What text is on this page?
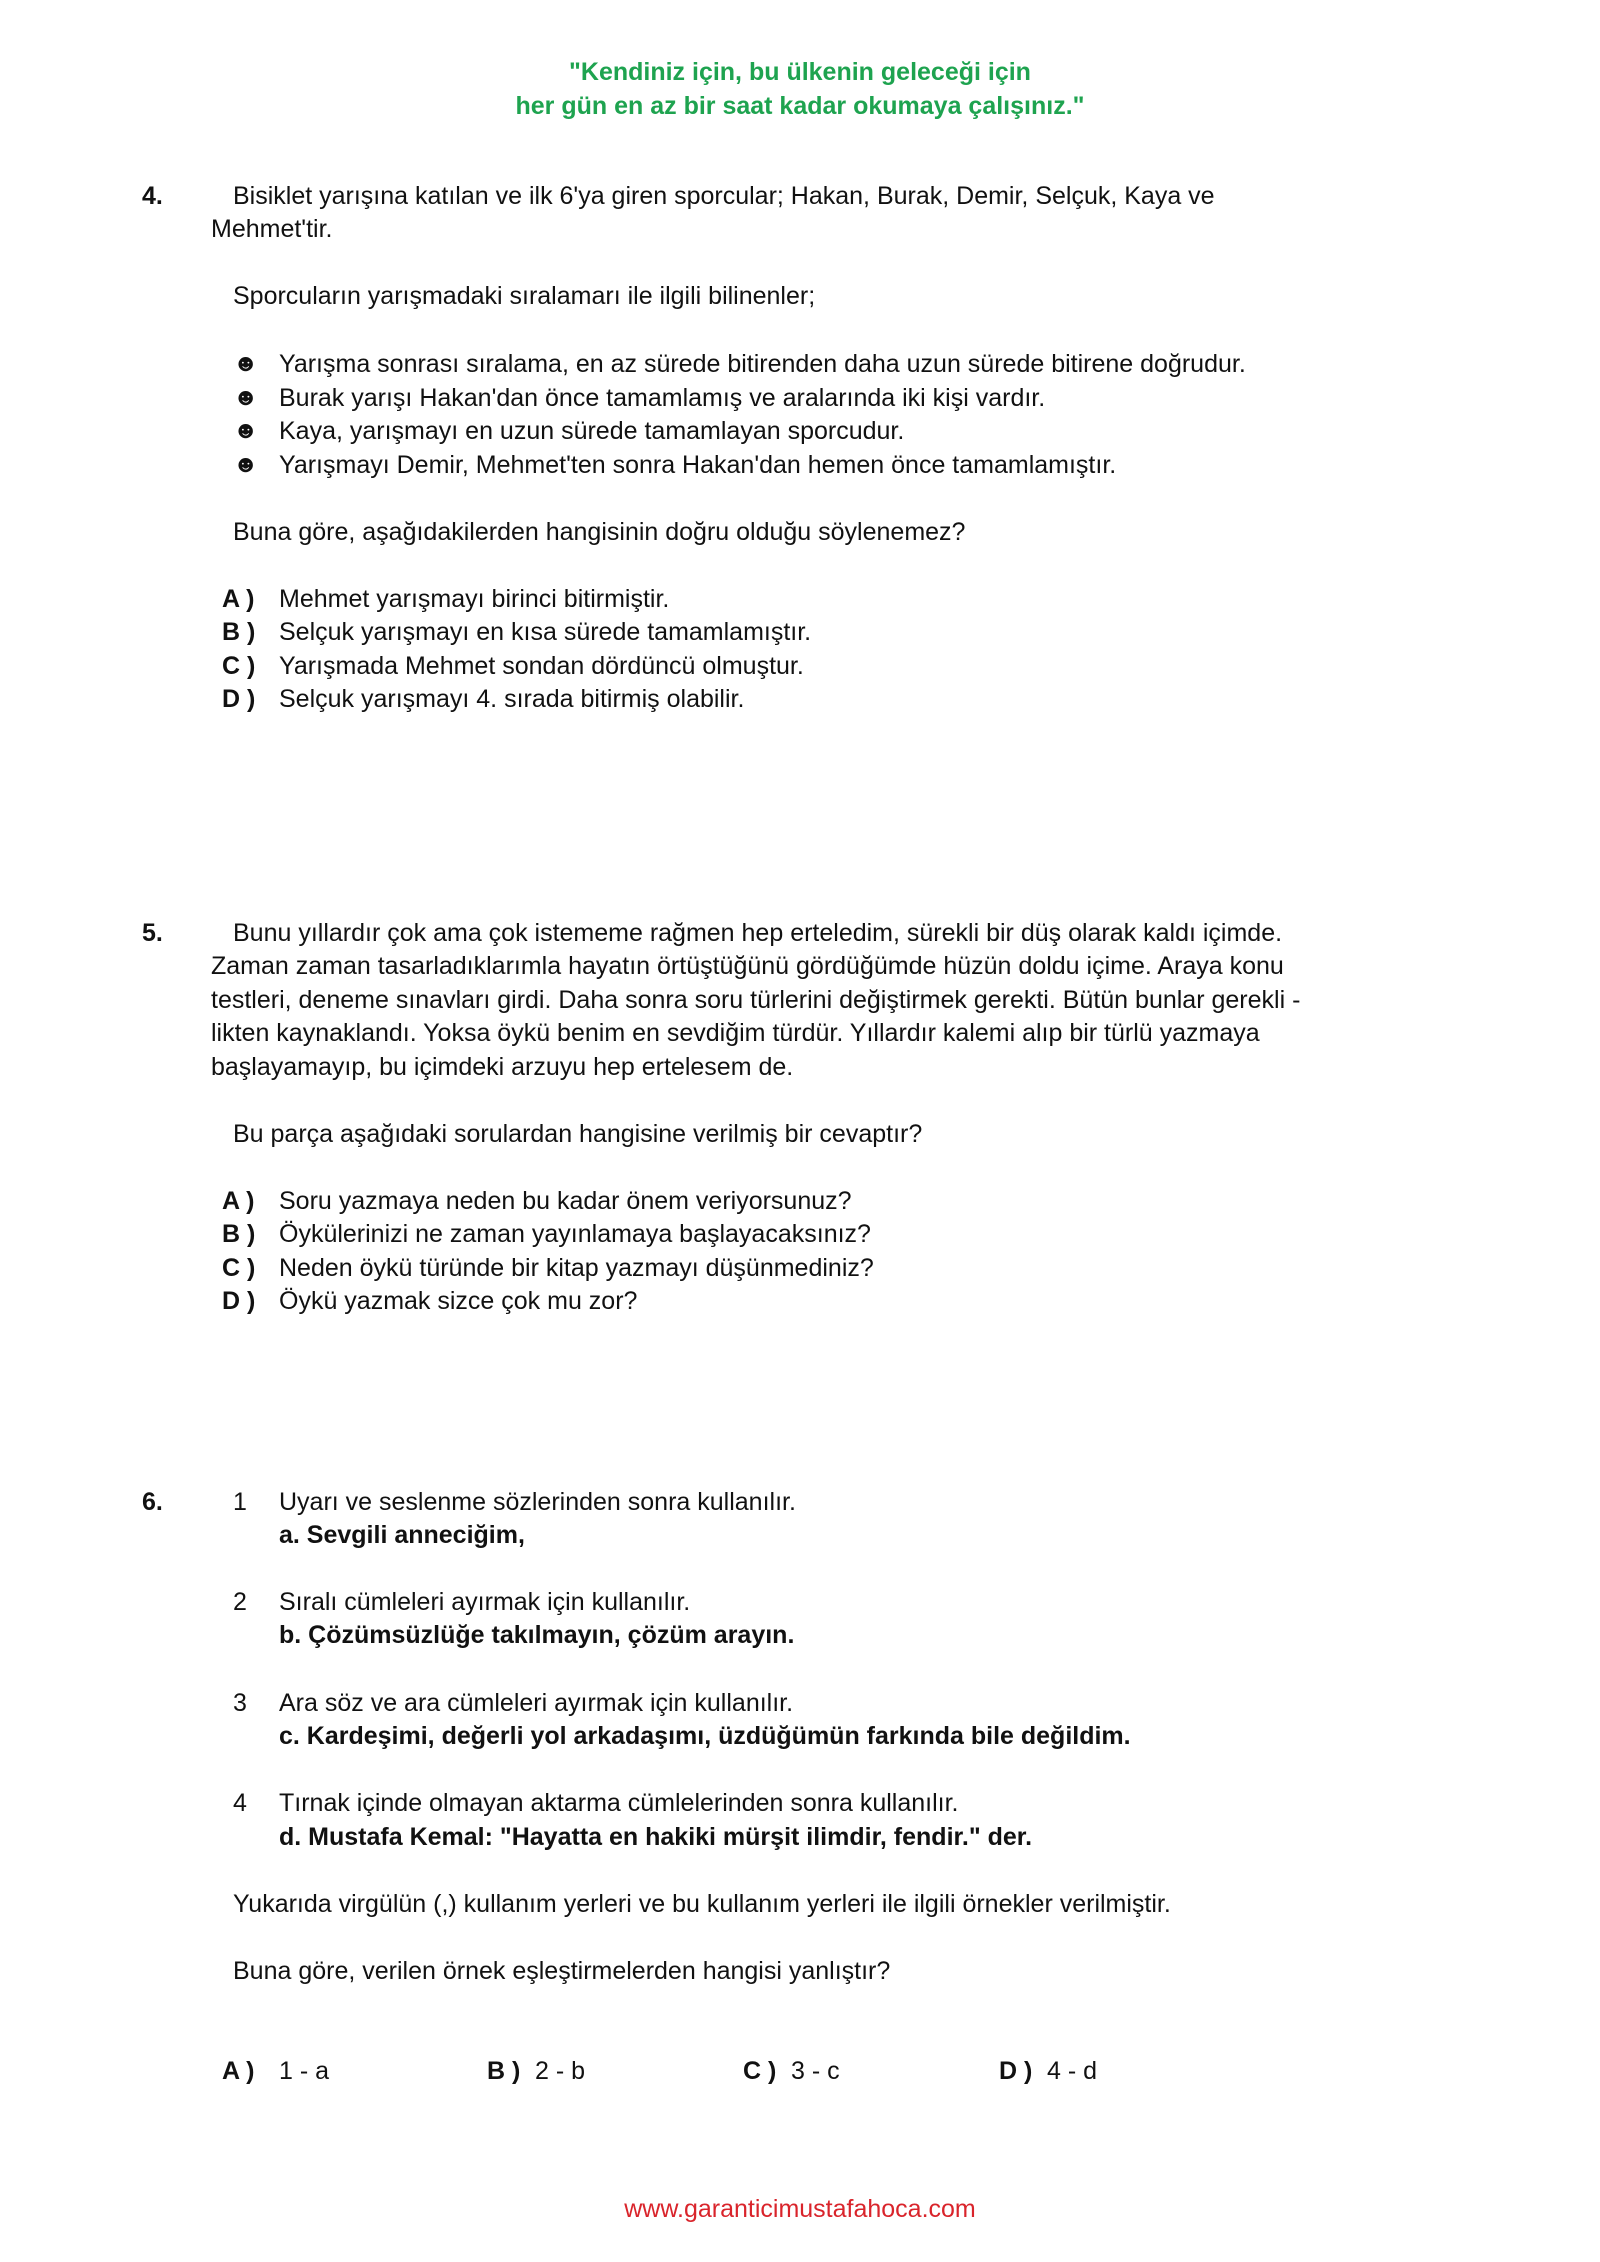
"Kendiniz için, bu ülkenin geleceği için
her gün en az bir saat kadar okumaya çalışınız."
4.	Bisiklet yarışına katılan ve ilk 6'ya giren sporcular; Hakan, Burak, Demir, Selçuk, Kaya ve
Mehmet'tir.
Sporcuların yarışmadaki sıralamarı ile ilgili bilinenler;
☻ Yarışma sonrası sıralama, en az sürede bitirenden daha uzun sürede bitirene doğrudur.
☻ Burak yarışı Hakan'dan önce tamamlamış ve aralarında iki kişi vardır.
☻ Kaya, yarışmayı en uzun sürede tamamlayan sporcudur.
☻ Yarışmayı Demir, Mehmet'ten sonra Hakan'dan hemen önce tamamlamıştır.
Buna göre, aşağıdakilerden hangisinin doğru olduğu söylenemez?
A ) Mehmet yarışmayı birinci bitirmiştir.
B ) Selçuk yarışmayı en kısa sürede tamamlamıştır.
C ) Yarışmada Mehmet sondan dördüncü olmuştur.
D ) Selçuk yarışmayı 4. sırada bitirmiş olabilir.
5.	Bunu yıllardır çok ama çok istememe rağmen hep erteledim, sürekli bir düş olarak kaldı içimde.
Zaman zaman tasarladıklarımla hayatın örtüştüğünü gördüğümde hüzün doldu içime. Araya konu
testleri, deneme sınavları girdi. Daha sonra soru türlerini değiştirmek gerekti. Bütün bunlar gerekli -
likten kaynaklandı. Yoksa öykü benim en sevdiğim türdür. Yıllardır kalemi alıp bir türlü yazmaya
başlayamayıp, bu içimdeki arzuyu hep ertelesem de.
Bu parça aşağıdaki sorulardan hangisine verilmiş bir cevaptır?
A ) Soru yazmaya neden bu kadar önem veriyorsunuz?
B ) Öykülerinizi ne zaman yayınlamaya başlayacaksınız?
C ) Neden öykü türünde bir kitap yazmayı düşünmediniz?
D ) Öykü yazmak sizce çok mu zor?
6.	1 Uyarı ve seslenme sözlerinden sonra kullanılır.
a. Sevgili anneciğim,
2 Sıralı cümleleri ayırmak için kullanılır.
b. Çözümsüzlüğe takılmayın, çözüm arayın.
3 Ara söz ve ara cümleleri ayırmak için kullanılır.
c. Kardeşimi, değerli yol arkadaşımı, üzdüğümün farkında bile değildim.
4 Tırnak içinde olmayan aktarma cümlelerinden sonra kullanılır.
d. Mustafa Kemal: "Hayatta en hakiki mürşit ilimdir, fendir." der.
Yukarıda virgülün (,) kullanım yerleri ve bu kullanım yerleri ile ilgili örnekler verilmiştir.
Buna göre, verilen örnek eşleştirmelerden hangisi yanlıştır?
A ) 1 - a	B ) 2 - b	C ) 3 - c	D ) 4 - d
www.garanticimustafahoca.com
